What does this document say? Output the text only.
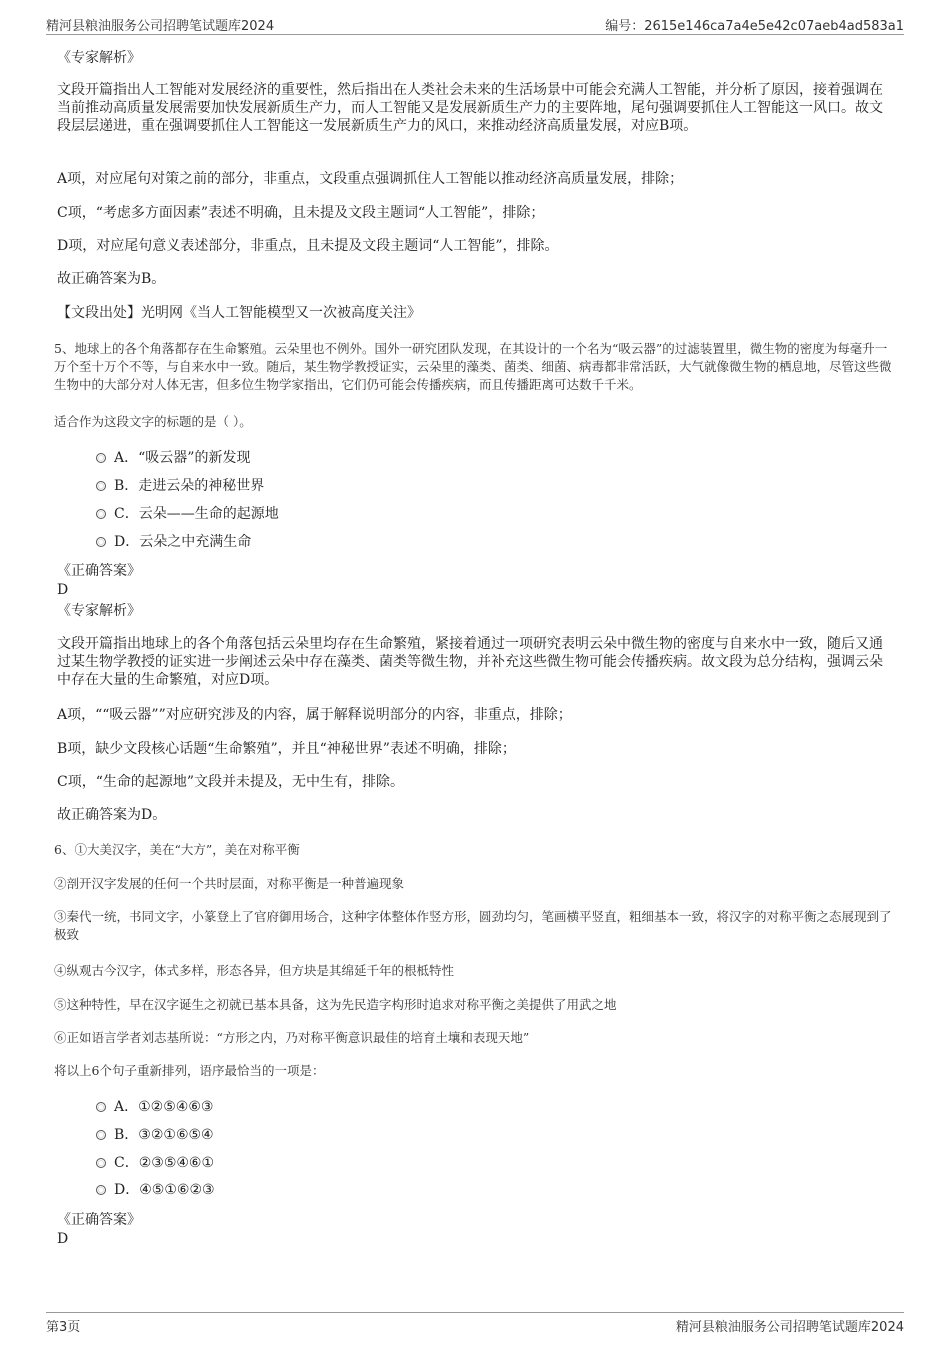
精河县粮油服务公司招聘笔试题库2024	编号：2615e146ca7a4e5e42c07aeb4ad583a1
《专家解析》
文段开篇指出人工智能对发展经济的重要性，然后指出在人类社会未来的生活场景中可能会充满人工智能，并分析了原因，接着强调在当前推动高质量发展需要加快发展新质生产力，而人工智能又是发展新质生产力的主要阵地，尾句强调要抓住人工智能这一风口。故文段层层递进，重在强调要抓住人工智能这一发展新质生产力的风口，来推动经济高质量发展，对应B项。
A项，对应尾句对策之前的部分，非重点，文段重点强调抓住人工智能以推动经济高质量发展，排除；
C项，“考虑多方面因素”表述不明确，且未提及文段主题词“人工智能”，排除；
D项，对应尾句意义表述部分，非重点，且未提及文段主题词“人工智能”，排除。
故正确答案为B。
【文段出处】光明网《当人工智能模型又一次被高度关注》
5、地球上的各个角落都存在生命繁殖。云朵里也不例外。国外一研究团队发现，在其设计的一个名为“吸云器”的过滤装置里，微生物的密度为每毫升一万个至十万个不等，与自来水中一致。随后，某生物学教授证实，云朵里的藻类、菌类、细菌、病毒都非常活跃，大气就像微生物的栖息地，尽管这些微生物中的大部分对人体无害，但多位生物学家指出，它们仍可能会传播疾病，而且传播距离可达数千千米。
适合作为这段文字的标题的是（ ）。
A．“吸云器”的新发现
B．走进云朵的神秘世界
C．云朵——生命的起源地
D．云朵之中充满生命
《正确答案》
D
《专家解析》
文段开篇指出地球上的各个角落包括云朵里均存在生命繁殖，紧接着通过一项研究表明云朵中微生物的密度与自来水中一致，随后又通过某生物学教授的证实进一步阐述云朵中存在藻类、菌类等微生物，并补充这些微生物可能会传播疾病。故文段为总分结构，强调云朵中存在大量的生命繁殖，对应D项。
A项，““吸云器””对应研究涉及的内容，属于解释说明部分的内容，非重点，排除；
B项，缺少文段核心话题“生命繁殖”，并且“神秘世界”表述不明确，排除；
C项，“生命的起源地”文段并未提及，无中生有，排除。
故正确答案为D。
6、①大美汉字，美在“大方”，美在对称平衡
②剖开汉字发展的任何一个共时层面，对称平衡是一种普遍现象
③秦代一统，书同文字，小篆登上了官府御用场合，这种字体整体作竖方形，圆劲均匀，笔画横平竖直，粗细基本一致，将汉字的对称平衡之态展现到了极致
④纵观古今汉字，体式多样，形态各异，但方块是其绵延千年的根柢特性
⑤这种特性，早在汉字诞生之初就已基本具备，这为先民造字构形时追求对称平衡之美提供了用武之地
⑥正如语言学者刘志基所说：“方形之内，乃对称平衡意识最佳的培育土壤和表现天地”
将以上6个句子重新排列，语序最恰当的一项是：
A．①②⑤④⑥③
B．③②①⑥⑤④
C．②③⑤④⑥①
D．④⑤①⑥②③
《正确答案》
D
第3页	精河县粮油服务公司招聘笔试题库2024
